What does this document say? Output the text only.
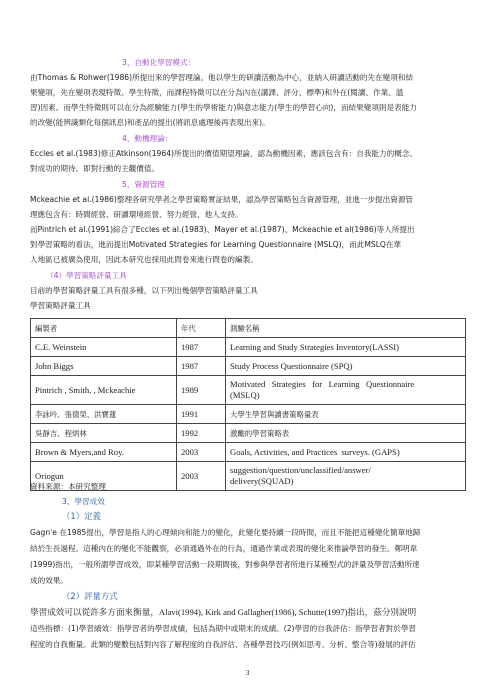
3、自動化學習模式：
由Thomas & Rohwer(1986)所提出來的學習理論。他以學生的研讀活動為中心，並納入研讀活動的先在變項和結
果變項，先在變項表現特徵、學生特徵，而課程特徵可以在分為內在(講課、評分、標準)和外在(閱讀、作業、溫
習)因素。而學生特徵則可以在分為經驗能力(學生的學術能力)與意志能力(學生的學習心向)，而結果變項則是表能力
的改變(能辨識類化每個訊息)和產品的提出(將訊息處理後再表現出來)。
4、動機理論：
Eccles et al.(1983)修正Atkinson(1964)所提出的價值期望理論，認為動機因素，應該包含有：自我能力的概念、
對成功的期待、即對行動的主觀價值。
5、資源管理
Mckeachie et al.(1986)整理各研究學者之學習策略實証結果，認為學習策略包含資源管理，並進一步提出資源管
理應包含有：時間經營、研讀環境經營、努力經營、他人支持。
而Pintrich et al.(1991)綜合了Eccles et al.(1983)、Mayer et al.(1987)、Mckeachie et al(1986)等人所提出
對學習策略的看法，進而提出Motivated Strategies for Learning Questionnaire (MSLQ)，而此MSLQ在華
人地區已被廣為使用，因此本研究也採用此問卷來進行問卷的編製。
（4）學習策略評量工具
目前的學習策略評量工具有很多種，以下列出幾個學習策略評量工具
學習策略評量工具
編製者	年代	測驗名稱
C.E. Weinstein	1987	Learning and Study Strategies Inventory(LASSI)
John Biggs	1987	Study Process Questionnaire (SPQ)
Pintrich , Smith, , Mckeachie	1989	Motivated   Strategies   for   Learning   Questionnaire
(MSLQ)

李詠吟、張德榮、洪寶蓮	1991	大學生學習與讀書策略量表
吳靜吉、程炳林	1992	激勵的學習策略表
Brown & Myers,and Roy.	2003	Goals, Activities, and Practices  surveys. (GAPS)
Oriogun	2003	suggestion/question/unclassified/answer/
delivery(SQUAD)
資料來源：本研究整理
3、學習成效
（1）定義
Gagn'e 在1985提出，學習是指人的心理傾向和能力的變化，此變化要持續一段時間，而且不能把這種變化簡單地歸
結於生長過程。這種內在的變化不能觀察，必須通過外在的行為，通過作業或表現的變化來推論學習的發生。鄭明韋
(1999)指出，一般所謂學習成效，即某種學習活動一段期間後，對參與學習者所進行某種型式的評量及學習活動所達
成的效果。
（2）評量方式
學習成效可以從許多方面來衡量，Alavi(1994), Kirk and Gallagher(1986), Schutte(1997)指出，茲分別說明
這些指標：(1)學習績效：指學習者的學習成績，包括為期中或期末的成績。(2)學習的自我評估：指學習者對於學習
程度的自我衡量。此類的變數包括對內容了解程度的自我評估、各種學習技巧(例如思考、分析、整合等)發展的評估
3
